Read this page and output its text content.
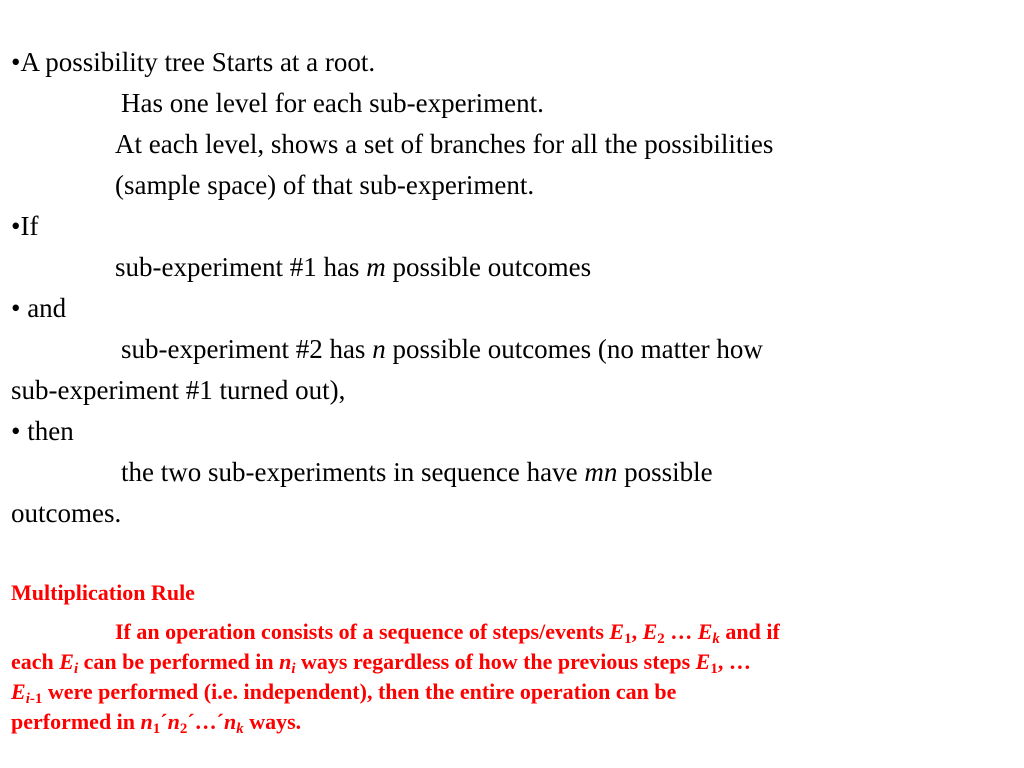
•A possibility tree Starts at a root.
Has one level for each sub-experiment.
At each level, shows a set of branches for all the possibilities
(sample space) of that sub-experiment.
•If
sub-experiment #1 has m possible outcomes
• and
sub-experiment #2 has n possible outcomes (no matter how
sub-experiment #1 turned out),
• then
the two sub-experiments in sequence have mn possible
outcomes.
Multiplication Rule
If an operation consists of a sequence of steps/events $E_1$, $E_2$ … $E_k$ and if
each $E_i$ can be performed in $n_i$ ways regardless of how the previous steps $E_1$, …
$E_{i-1}$ were performed (i.e. independent), then the entire operation can be
performed in $n_1´n_2´\dots´n_k$ ways.
